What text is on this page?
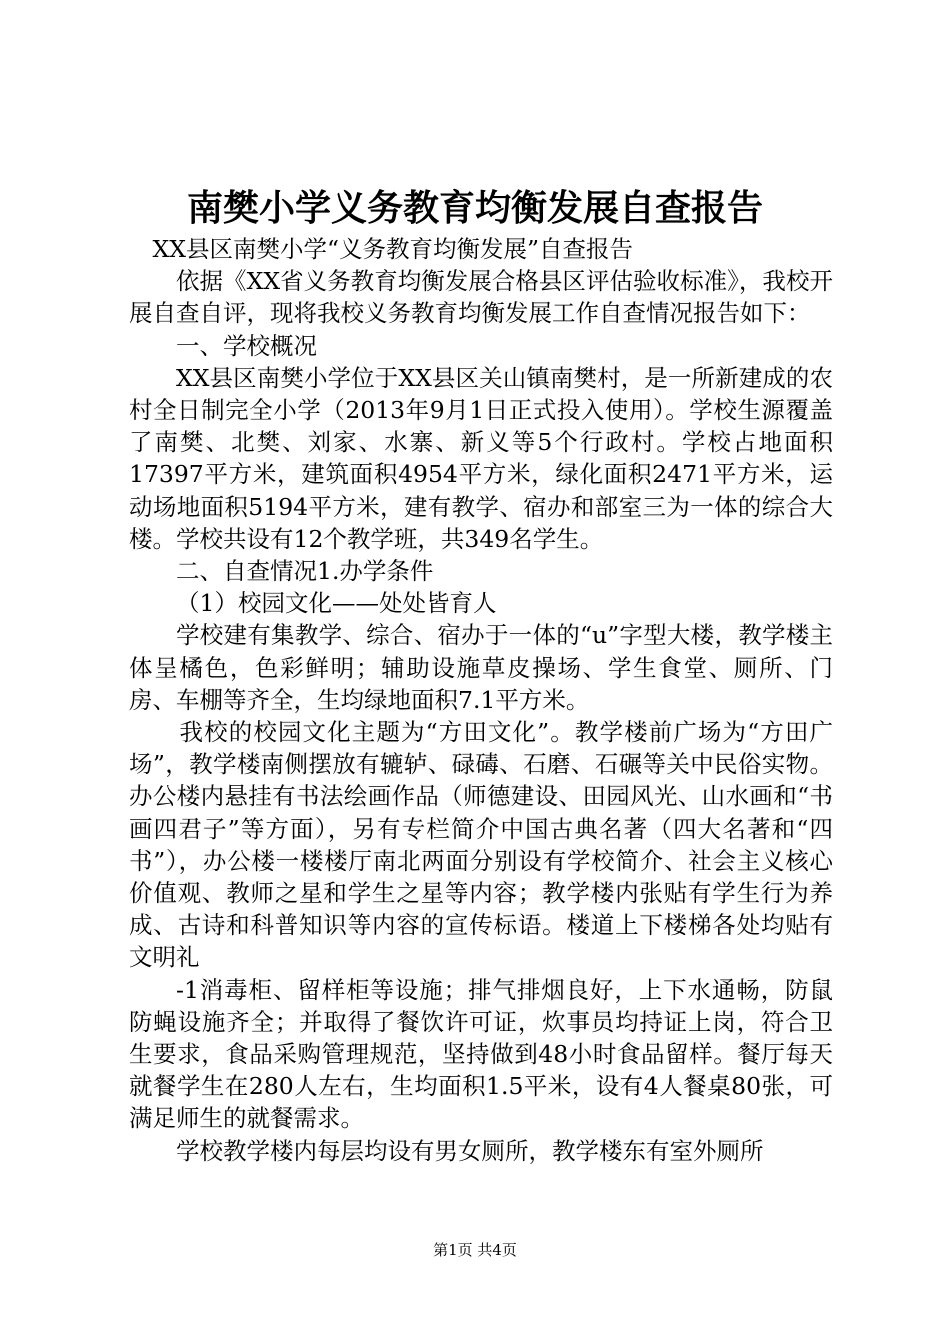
南樊小学义务教育均衡发展自查报告

XX县区南樊小学“义务教育均衡发展”自查报告

依据《XX省义务教育均衡发展合格县区评估验收标准》，我校开展自查自评，现将我校义务教育均衡发展工作自查情况报告如下：

一、学校概况

XX县区南樊小学位于XX县区关山镇南樊村，是一所新建成的农村全日制完全小学（2013年9月1日正式投入使用）。学校生源覆盖了南樊、北樊、刘家、水寨、新义等5个行政村。学校占地面积17397平方米，建筑面积4954平方米，绿化面积2471平方米，运动场地面积5194平方米，建有教学、宿办和部室三为一体的综合大楼。学校共设有12个教学班，共349名学生。

二、自查情况1.办学条件

（1）校园文化——处处皆育人

学校建有集教学、综合、宿办于一体的“u”字型大楼，教学楼主体呈橘色，色彩鲜明；辅助设施草皮操场、学生食堂、厕所、门房、车棚等齐全，生均绿地面积7.1平方米。

我校的校园文化主题为“方田文化”。教学楼前广场为“方田广场”，教学楼南侧摆放有辘轳、碌碡、石磨、石碾等关中民俗实物。办公楼内悬挂有书法绘画作品（师德建设、田园风光、山水画和“书画四君子”等方面），另有专栏简介中国古典名著（四大名著和“四书”），办公楼一楼楼厅南北两面分别设有学校简介、社会主义核心价值观、教师之星和学生之星等内容；教学楼内张贴有学生行为养成、古诗和科普知识等内容的宣传标语。楼道上下楼梯各处均贴有文明礼

-1消毒柜、留样柜等设施；排气排烟良好，上下水通畅，防鼠防蝇设施齐全；并取得了餐饮许可证，炊事员均持证上岗，符合卫生要求，食品采购管理规范，坚持做到48小时食品留样。餐厅每天就餐学生在280人左右，生均面积1.5平米，设有4人餐桌80张，可满足师生的就餐需求。

学校教学楼内每层均设有男女厕所，教学楼东有室外厕所

第1页 共4页
